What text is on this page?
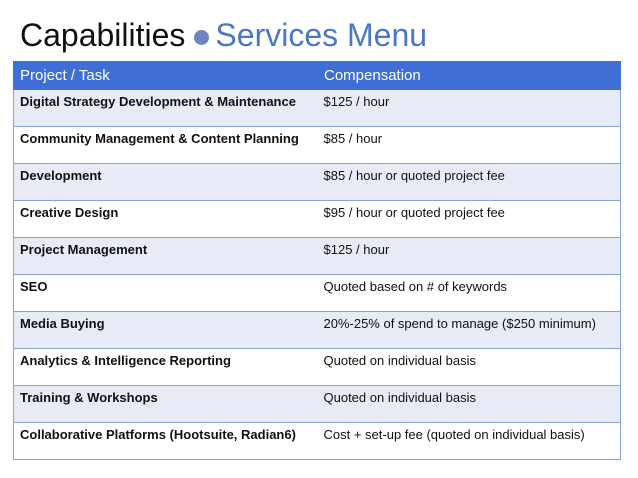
Capabilities Services Menu
Project / Task	Compensation
Digital Strategy Development & Maintenance	$125 / hour
Community Management & Content Planning	$85 / hour
Development	$85 / hour or quoted project fee
Creative Design	$95 / hour or quoted project fee
Project Management	$125 / hour
SEO	Quoted based on # of keywords
Media Buying	20%-25% of spend to manage ($250 minimum)
Analytics & Intelligence Reporting	Quoted on individual basis
Training & Workshops	Quoted on individual basis
Collaborative Platforms (Hootsuite, Radian6)	Cost + set-up fee (quoted on individual basis)
